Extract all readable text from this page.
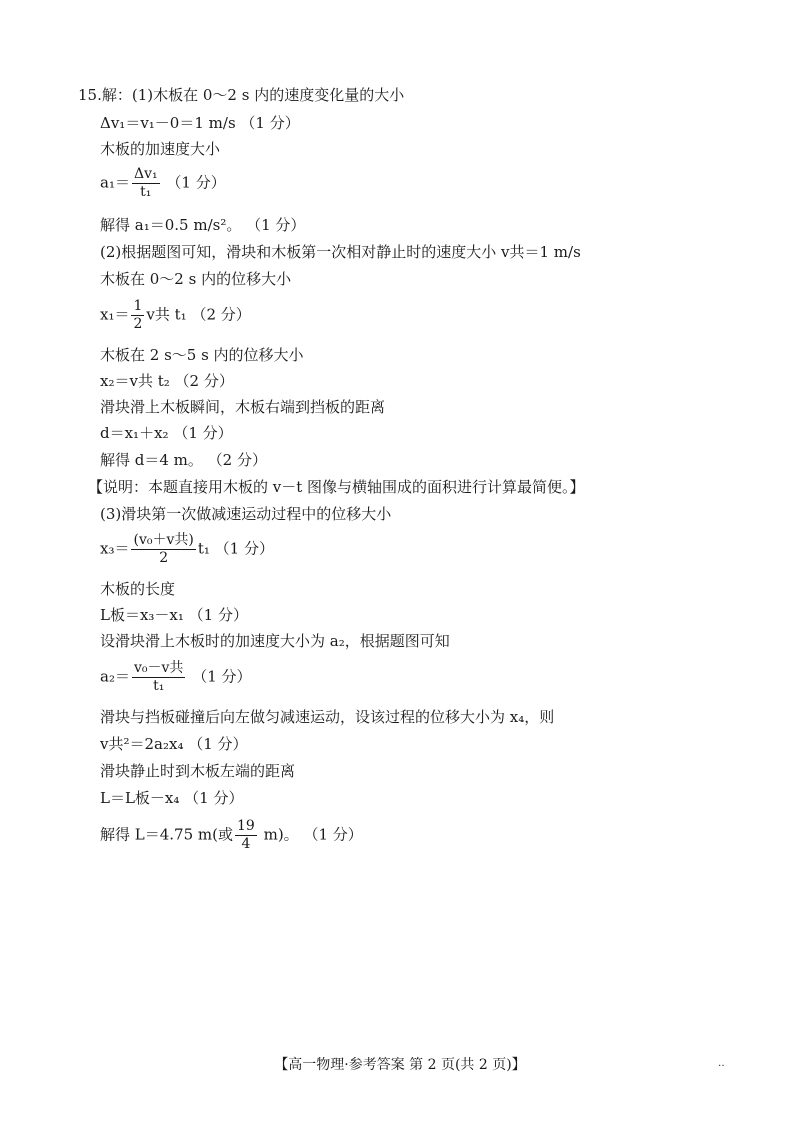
15.解：(1)木板在 0～2 s 内的速度变化量的大小
Δv₁＝v₁－0＝1 m/s （1 分）
木板的加速度大小
$a_1= \frac{\text{Δv₁}}{\text{t₁}} (1$ 分）
解得 a₁＝0.5 m/s²。 （1 分）
(2)根据题图可知，滑块和木板第一次相对静止时的速度大小 v共＝1 m/s
木板在 0～2 s 内的位移大小
$x_1= \frac{1}{2}$ v共 t₁ （2 分）
木板在 2 s～5 s 内的位移大小
x₂＝v共 t₂ （2 分）
滑块滑上木板瞬间，木板右端到挡板的距离
d＝x₁＋x₂ （1 分）
解得 d＝4 m。 （2 分）
【说明：本题直接用木板的 v－t 图像与横轴围成的面积进行计算最简便。】
(3)滑块第一次做减速运动过程中的位移大小
$x_3= \frac{\text{(v₀＋v共)}}{2} t_1$ （1 分）
木板的长度
L板＝x₃－x₁ （1 分）
设滑块滑上木板时的加速度大小为 a₂，根据题图可知
$a_2= \frac{\text{v₀－v共}}{\text{t₁}} (1$ 分）
滑块与挡板碰撞后向左做匀减速运动，设该过程的位移大小为 x₄，则
v共²＝2a₂x₄ （1 分）
滑块静止时到木板左端的距离
L＝L板－x₄ （1 分）
解得 L＝4.75 m(或 $\frac{19}{4} m$)。 （1 分）
【高一物理·参考答案 第 2 页(共 2 页)】	‥
